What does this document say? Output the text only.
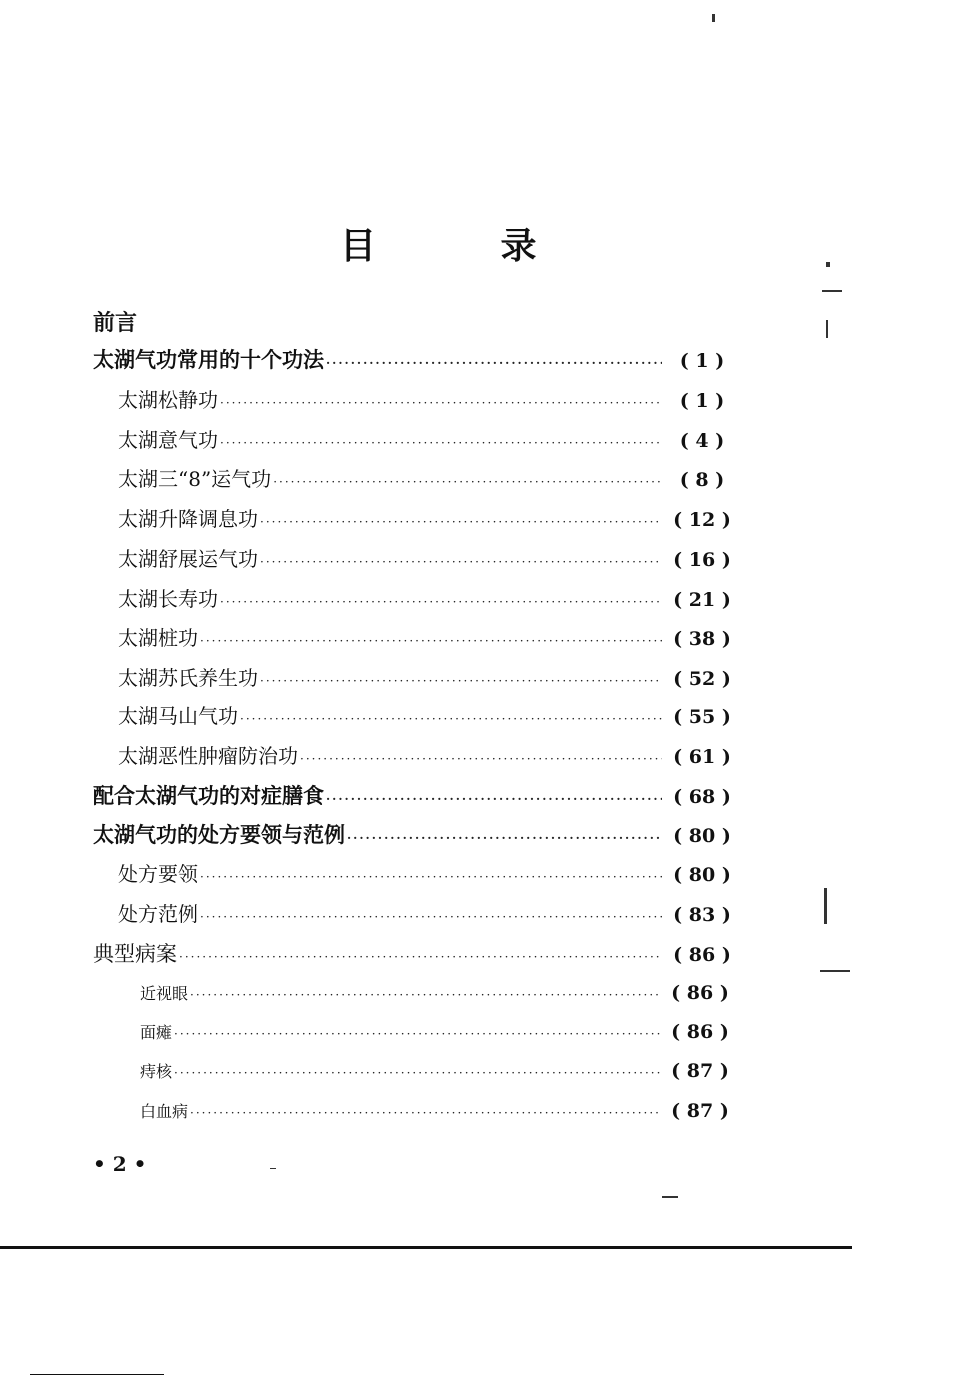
目 录
前言
太湖气功常用的十个功法 ·····	( 1 )
太湖松静功 ·····	( 1 )
太湖意气功 ·····	( 4 )
太湖三“8”运气功 ·····	( 8 )
太湖升降调息功 ·····	( 12 )
太湖舒展运气功 ·····	( 16 )
太湖长寿功 ·····	( 21 )
太湖桩功 ·····	( 38 )
太湖苏氏养生功 ·····	( 52 )
太湖马山气功 ·····	( 55 )
太湖恶性肿瘤防治功 ·····	( 61 )
配合太湖气功的对症膳食 ·····	( 68 )
太湖气功的处方要领与范例 ·····	( 80 )
处方要领 ·····	( 80 )
处方范例 ·····	( 83 )
典型病案 ·····	( 86 )
近视眼 ·····	( 86 )
面瘫 ·····	( 86 )
痔核 ·····	( 87 )
白血病 ·····	( 87 )
• 2 •
